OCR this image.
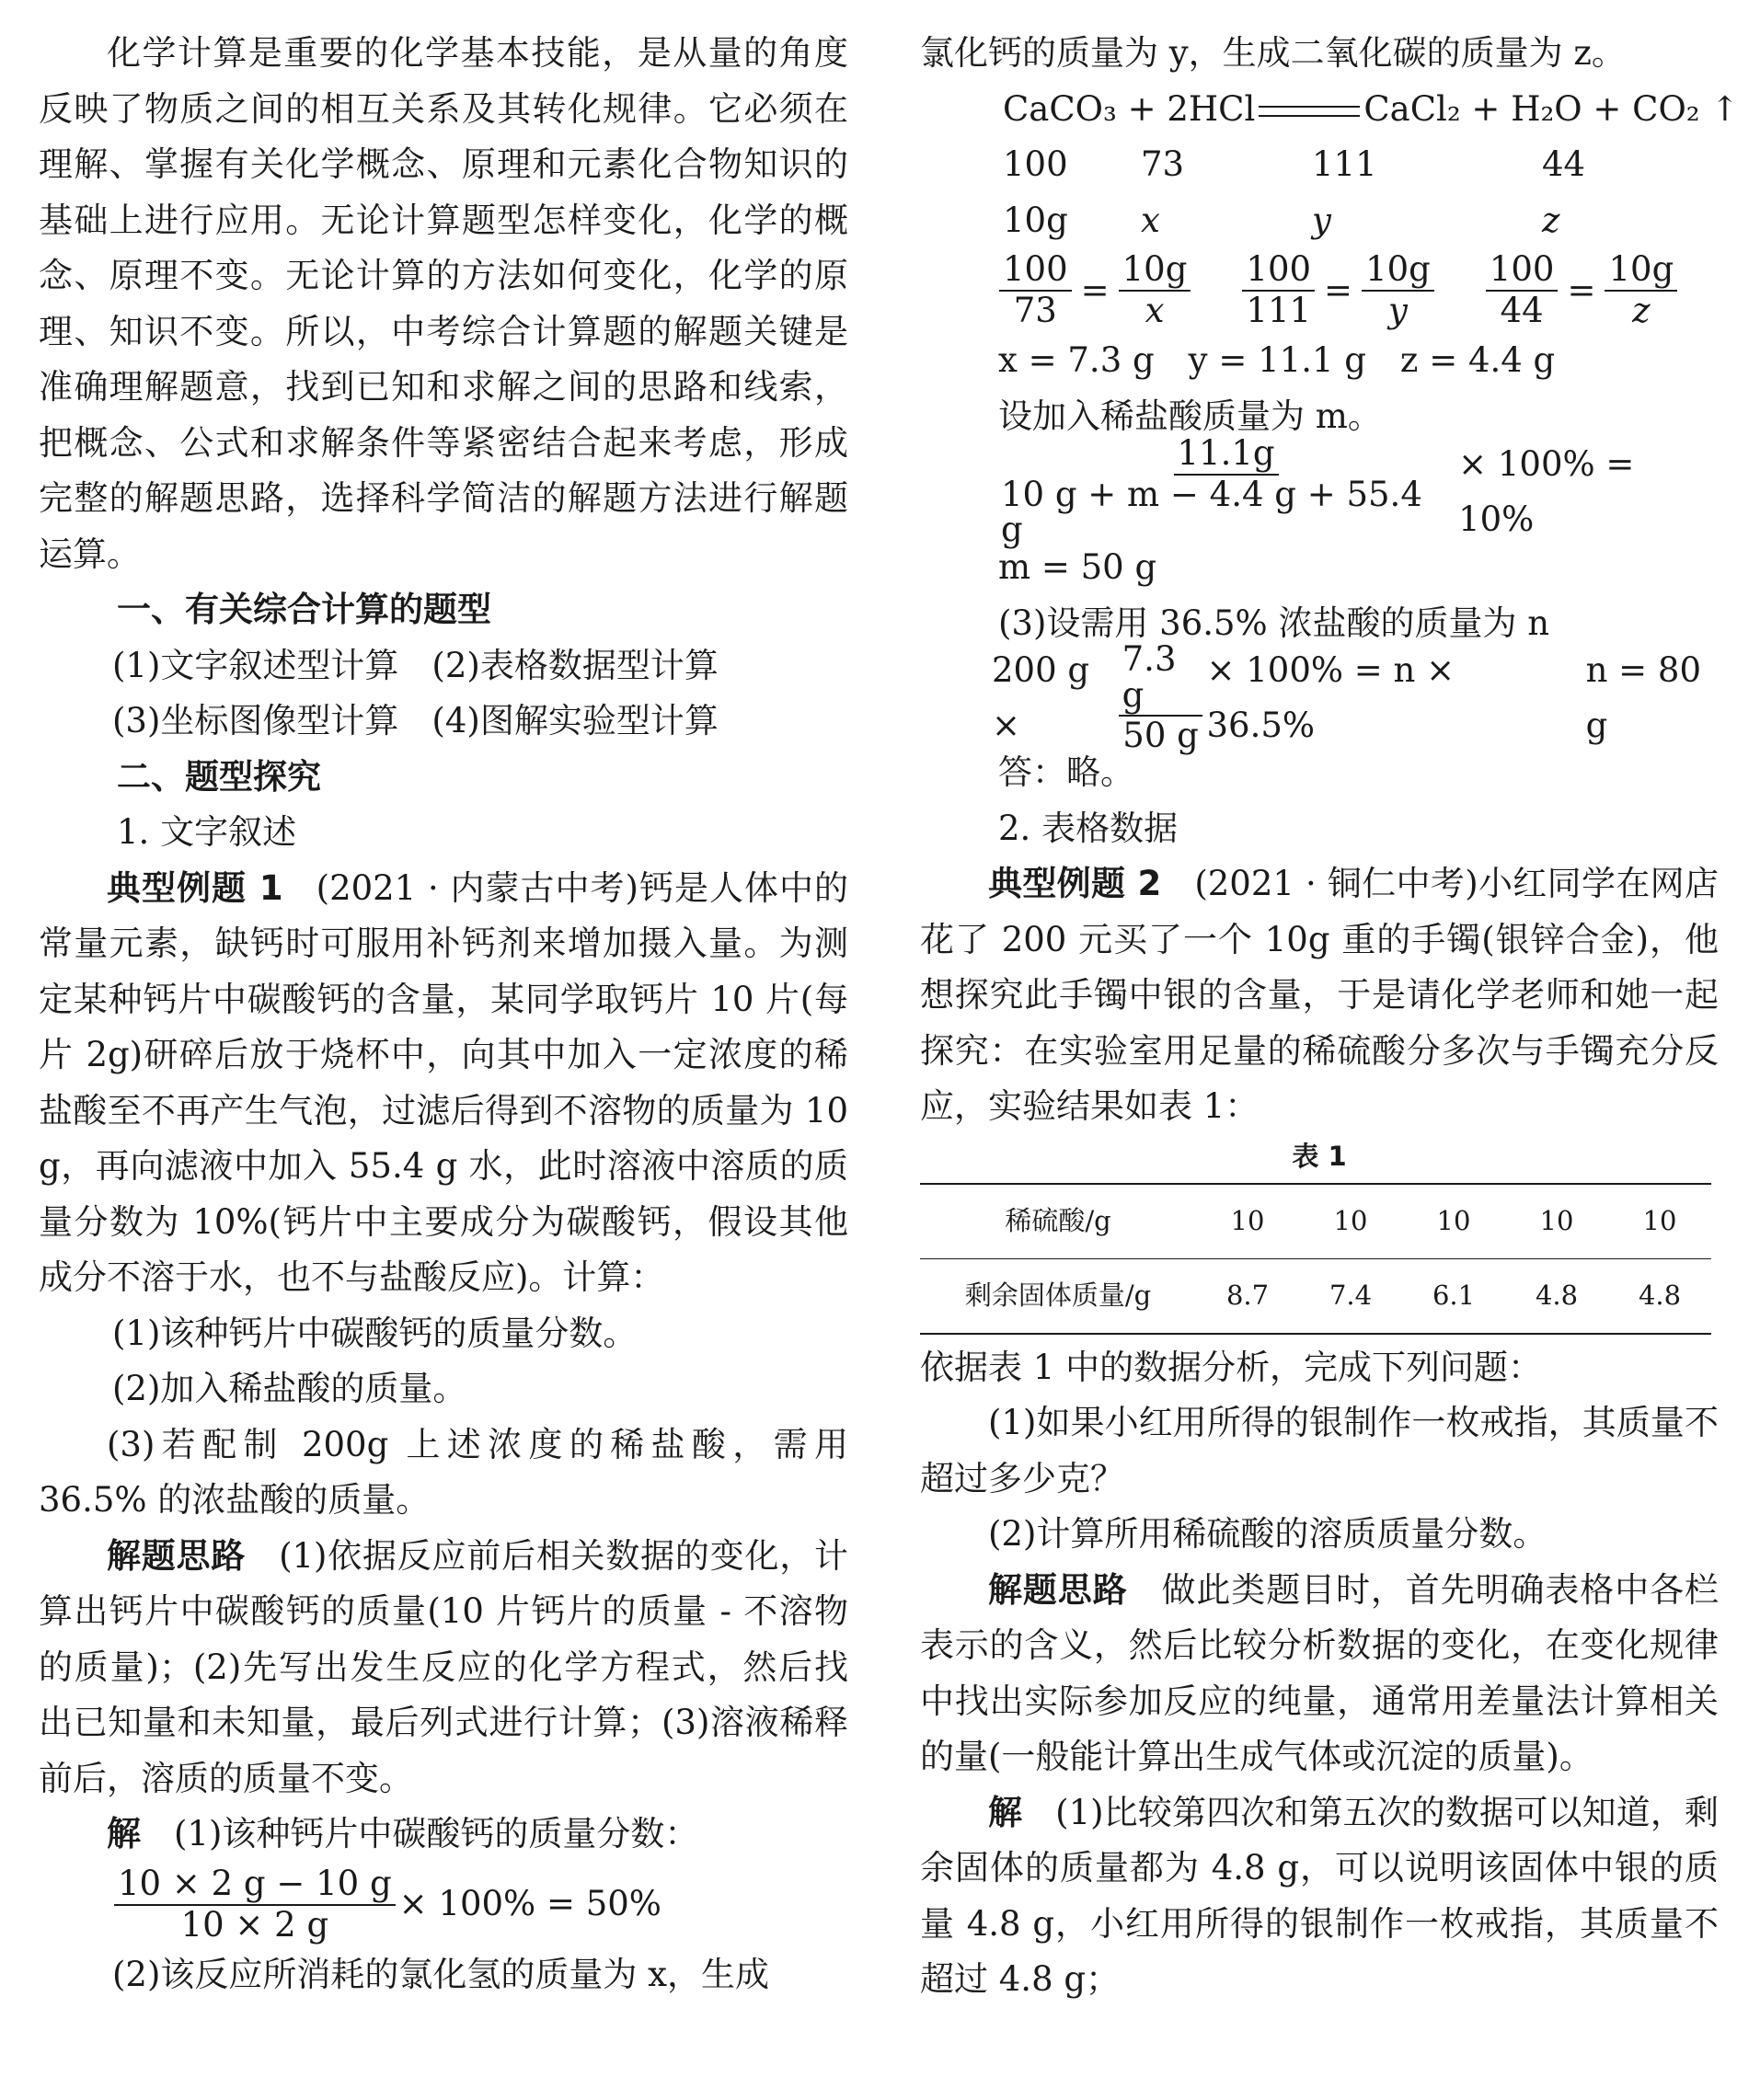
化学计算是重要的化学基本技能，是从量的角度反映了物质之间的相互关系及其转化规律。它必须在理解、掌握有关化学概念、原理和元素化合物知识的基础上进行应用。无论计算题型怎样变化，化学的概念、原理不变。无论计算的方法如何变化，化学的原理、知识不变。所以，中考综合计算题的解题关键是准确理解题意，找到已知和求解之间的思路和线索，把概念、公式和求解条件等紧密结合起来考虑，形成完整的解题思路，选择科学简洁的解题方法进行解题运算。

一、有关综合计算的题型

(1)文字叙述型计算 (2)表格数据型计算

(3)坐标图像型计算 (4)图解实验型计算

二、题型探究

1. 文字叙述

典型例题 1 (2021 · 内蒙古中考)钙是人体中的常量元素，缺钙时可服用补钙剂来增加摄入量。为测定某种钙片中碳酸钙的含量，某同学取钙片 10 片(每片 2g)研碎后放于烧杯中，向其中加入一定浓度的稀盐酸至不再产生气泡，过滤后得到不溶物的质量为 10 g，再向滤液中加入 55.4 g 水，此时溶液中溶质的质量分数为 10%(钙片中主要成分为碳酸钙，假设其他成分不溶于水，也不与盐酸反应)。计算：

(1)该种钙片中碳酸钙的质量分数。

(2)加入稀盐酸的质量。

(3)若配制 200g 上述浓度的稀盐酸，需用 36.5% 的浓盐酸的质量。

解题思路 (1)依据反应前后相关数据的变化，计算出钙片中碳酸钙的质量(10 片钙片的质量 - 不溶物的质量)；(2)先写出发生反应的化学方程式，然后找出已知量和未知量，最后列式进行计算；(3)溶液稀释前后，溶质的质量不变。

解 (1)该种钙片中碳酸钙的质量分数：

$\frac{10 \times 2 g - 10 g}{10 \times 2 g} \times 100\% = 50\%$

(2)该反应所消耗的氯化氢的质量为 x，生成

氯化钙的质量为 y，生成二氧化碳的质量为 z。

CaCO₃ + 2HCl	CaCl₂ + H₂O + CO₂ ↑
100	73	111	44
10g	x	y	z
$\frac{100}{73} = \frac{10g}{x} \frac{100}{111} = \frac{10g}{y} \frac{100}{44} = \frac{10g}{z}$

x = 7.3 g　y = 11.1 g　z = 4.4 g

设加入稀盐酸质量为 m。

$\frac{11.1g}{10 g + m - 4.4 g + 55.4 g} \times 100\% = 10\%$

m = 50 g

(3)设需用 36.5% 浓盐酸的质量为 n

200 g ×	$\frac{7.3 g}{50 g} \times 100\% = n \times 36.5\%$
n = 80 g

答：略。

2. 表格数据

典型例题 2 (2021 · 铜仁中考)小红同学在网店花了 200 元买了一个 10g 重的手镯(银锌合金)，他想探究此手镯中银的含量，于是请化学老师和她一起探究：在实验室用足量的稀硫酸分多次与手镯充分反应，实验结果如表 1：

表 1
稀硫酸/g	10	10	10	10	10
剩余固体质量/g	8.7	7.4	6.1	4.8	4.8

依据表 1 中的数据分析，完成下列问题：

(1)如果小红用所得的银制作一枚戒指，其质量不超过多少克？

(2)计算所用稀硫酸的溶质质量分数。

解题思路 做此类题目时，首先明确表格中各栏表示的含义，然后比较分析数据的变化，在变化规律中找出实际参加反应的纯量，通常用差量法计算相关的量(一般能计算出生成气体或沉淀的质量)。

解 (1)比较第四次和第五次的数据可以知道，剩余固体的质量都为 4.8 g，可以说明该固体中银的质量 4.8 g，小红用所得的银制作一枚戒指，其质量不超过 4.8 g；
